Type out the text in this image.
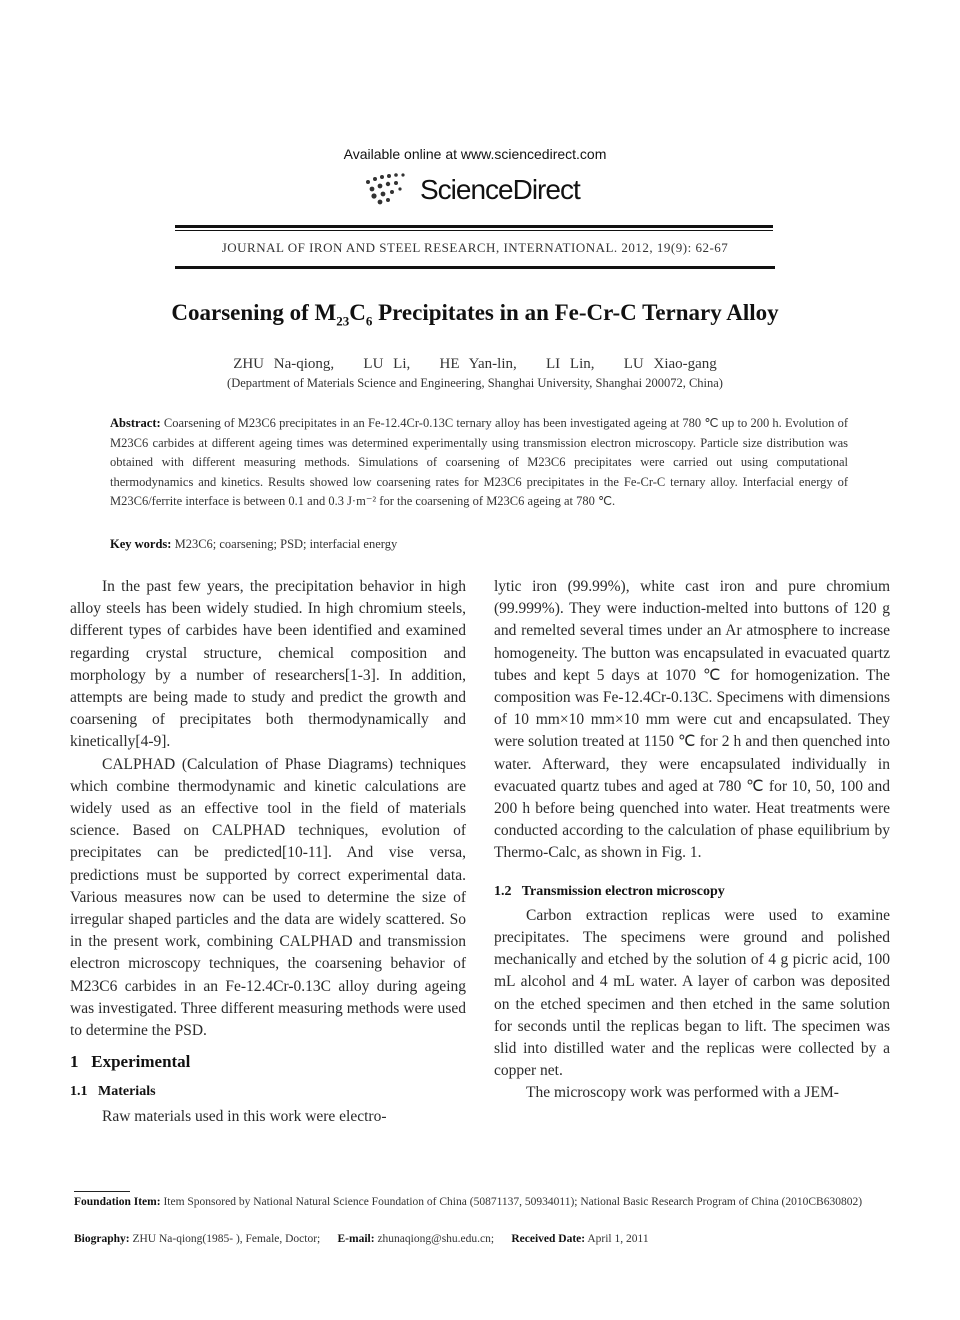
Available online at www.sciencedirect.com
ScienceDirect
JOURNAL OF IRON AND STEEL RESEARCH, INTERNATIONAL. 2012, 19(9): 62-67
Coarsening of $M_{23}C_6$ Precipitates in an Fe-Cr-C Ternary Alloy
ZHU Na-qiong,   LU Li,   HE Yan-lin,   LI Lin,   LU Xiao-gang
(Department of Materials Science and Engineering, Shanghai University, Shanghai 200072, China)
Abstract: Coarsening of M23C6 precipitates in an Fe-12.4Cr-0.13C ternary alloy has been investigated ageing at 780 ℃ up to 200 h. Evolution of M23C6 carbides at different ageing times was determined experimentally using transmission electron microscopy. Particle size distribution was obtained with different measuring methods. Simulations of coarsening of M23C6 precipitates were carried out using computational thermodynamics and kinetics. Results showed low coarsening rates for M23C6 precipitates in the Fe-Cr-C ternary alloy. Interfacial energy of M23C6/ferrite interface is between 0.1 and 0.3 J·m⁻² for the coarsening of M23C6 ageing at 780 ℃.
Key words: M23C6; coarsening; PSD; interfacial energy

In the past few years, the precipitation behavior in high alloy steels has been widely studied. In high chromium steels, different types of carbides have been identified and examined regarding crystal structure, chemical composition and morphology by a number of researchers[1-3]. In addition, attempts are being made to study and predict the growth and coarsening of precipitates both thermodynamically and kinetically[4-9].

CALPHAD (Calculation of Phase Diagrams) techniques which combine thermodynamic and kinetic calculations are widely used as an effective tool in the field of materials science. Based on CALPHAD techniques, evolution of precipitates can be predicted[10-11]. And vise versa, predictions must be supported by correct experimental data. Various measures now can be used to determine the size of irregular shaped particles and the data are widely scattered. So in the present work, combining CALPHAD and transmission electron microscopy techniques, the coarsening behavior of M23C6 carbides in an Fe-12.4Cr-0.13C alloy during ageing was investigated. Three different measuring methods were used to determine the PSD.

1   Experimental
1.1   Materials

Raw materials used in this work were electro-

lytic iron (99.99%), white cast iron and pure chromium (99.999%). They were induction-melted into buttons of 120 g and remelted several times under an Ar atmosphere to increase homogeneity. The button was encapsulated in evacuated quartz tubes and kept 5 days at 1070 ℃ for homogenization. The composition was Fe-12.4Cr-0.13C. Specimens with dimensions of 10 mm×10 mm×10 mm were cut and encapsulated. They were solution treated at 1150 ℃ for 2 h and then quenched into water. Afterward, they were encapsulated individually in evacuated quartz tubes and aged at 780 ℃ for 10, 50, 100 and 200 h before being quenched into water. Heat treatments were conducted according to the calculation of phase equilibrium by Thermo-Calc, as shown in Fig. 1.

1.2   Transmission electron microscopy

Carbon extraction replicas were used to examine precipitates. The specimens were ground and polished mechanically and etched by the solution of 4 g picric acid, 100 mL alcohol and 4 mL water. A layer of carbon was deposited on the etched specimen and then etched in the same solution for seconds until the replicas began to lift. The specimen was slid into distilled water and the replicas were collected by a copper net.

The microscopy work was performed with a JEM-

Foundation Item: Item Sponsored by National Natural Science Foundation of China (50871137, 50934011); National Basic Research Program of China (2010CB630802)
Biography: ZHU Na-qiong(1985- ), Female, Doctor; E-mail: zhunaqiong@shu.edu.cn; Received Date: April 1, 2011
